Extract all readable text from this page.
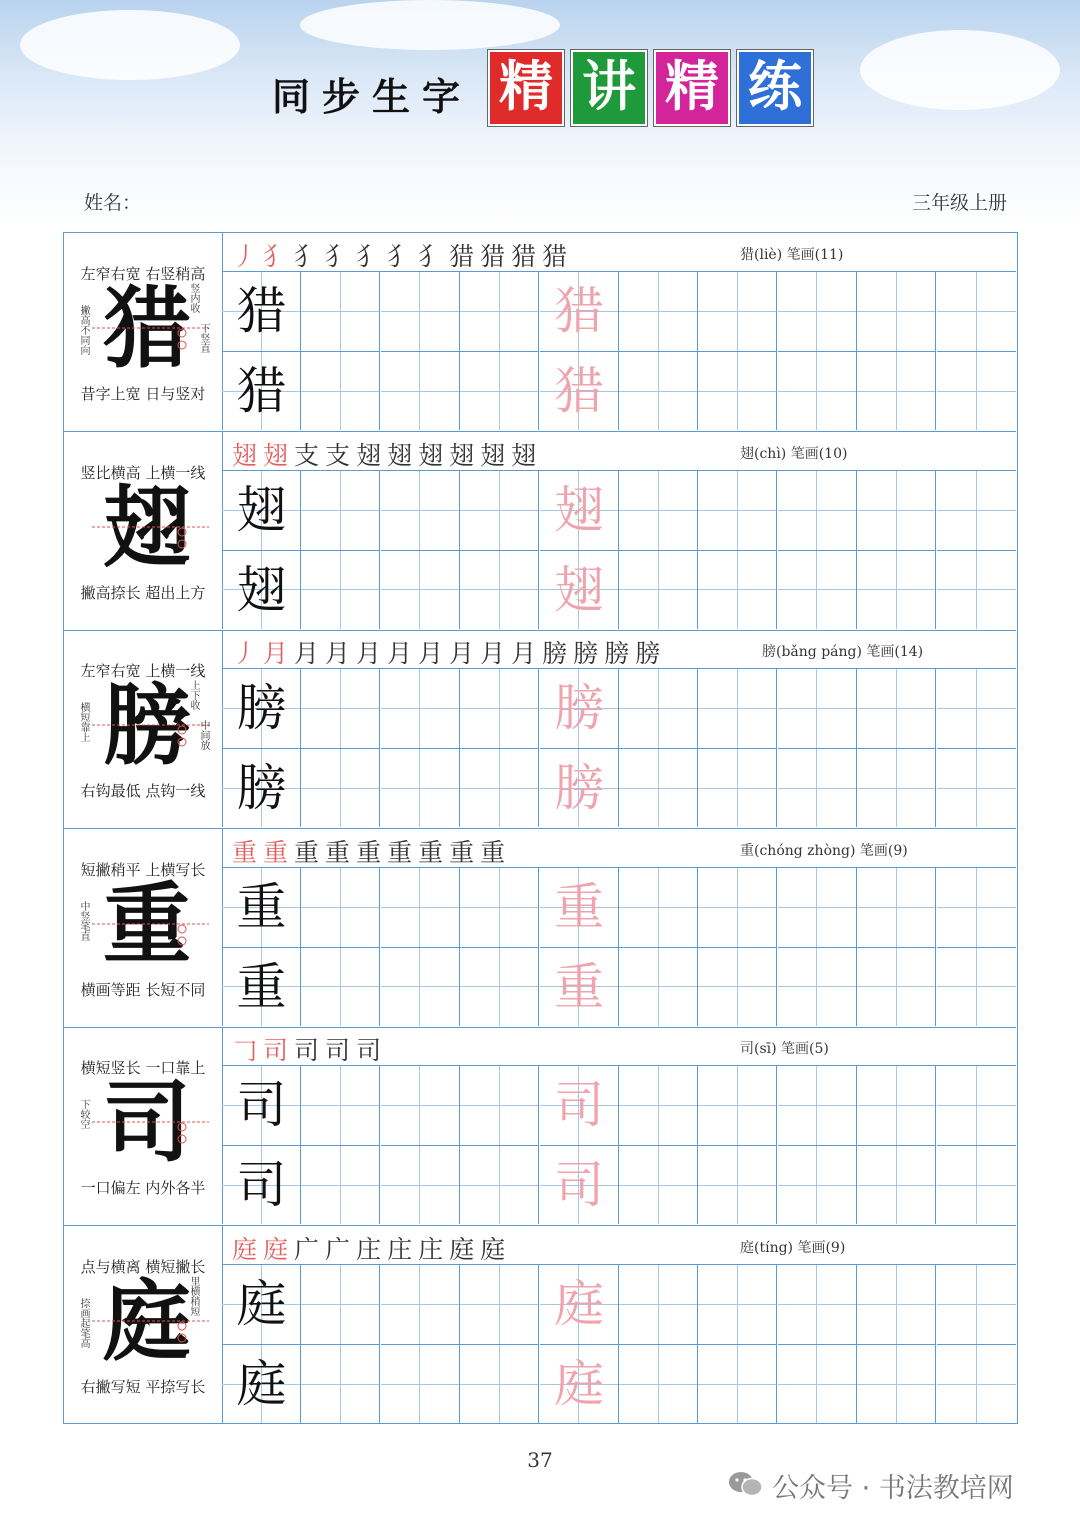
同步生字 精 讲 精 练
姓名：	三年级上册
左窄右宽 右竖稍高
猎
撇高不同向
竖内收
下竖直
昔字上宽 日与竖对
丿犭犭犭犭犭犭猎猎猎猎	猎(liè) 笔画(11)
猎	猎
猎	猎
竖比横高 上横一线
翅
撇高捺长 超出上方
翅翅支支翅翅翅翅翅翅	翅(chì) 笔画(10)
翅	翅
翅	翅
左窄右宽 上横一线
膀
横短靠上
上下收
中间放
右钩最低 点钩一线
丿月月月月月月月月月膀膀膀膀	膀(bǎng páng) 笔画(14)
膀	膀
膀	膀
短撇稍平 上横写长
重
中竖笔直
横画等距 长短不同
重重重重重重重重重	重(chóng zhòng) 笔画(9)
重	重
重	重
横短竖长 一口靠上
司
下较空
一口偏左 内外各半
𠃌司司司司	司(sī) 笔画(5)
司	司
司	司
点与横离 横短撇长
庭
捺画起笔高
里横稍短
右撇写短 平捺写长
庭庭广广庄庄庄庭庭	庭(tíng) 笔画(9)
庭	庭
庭	庭
37
公众号 · 书法教培网
